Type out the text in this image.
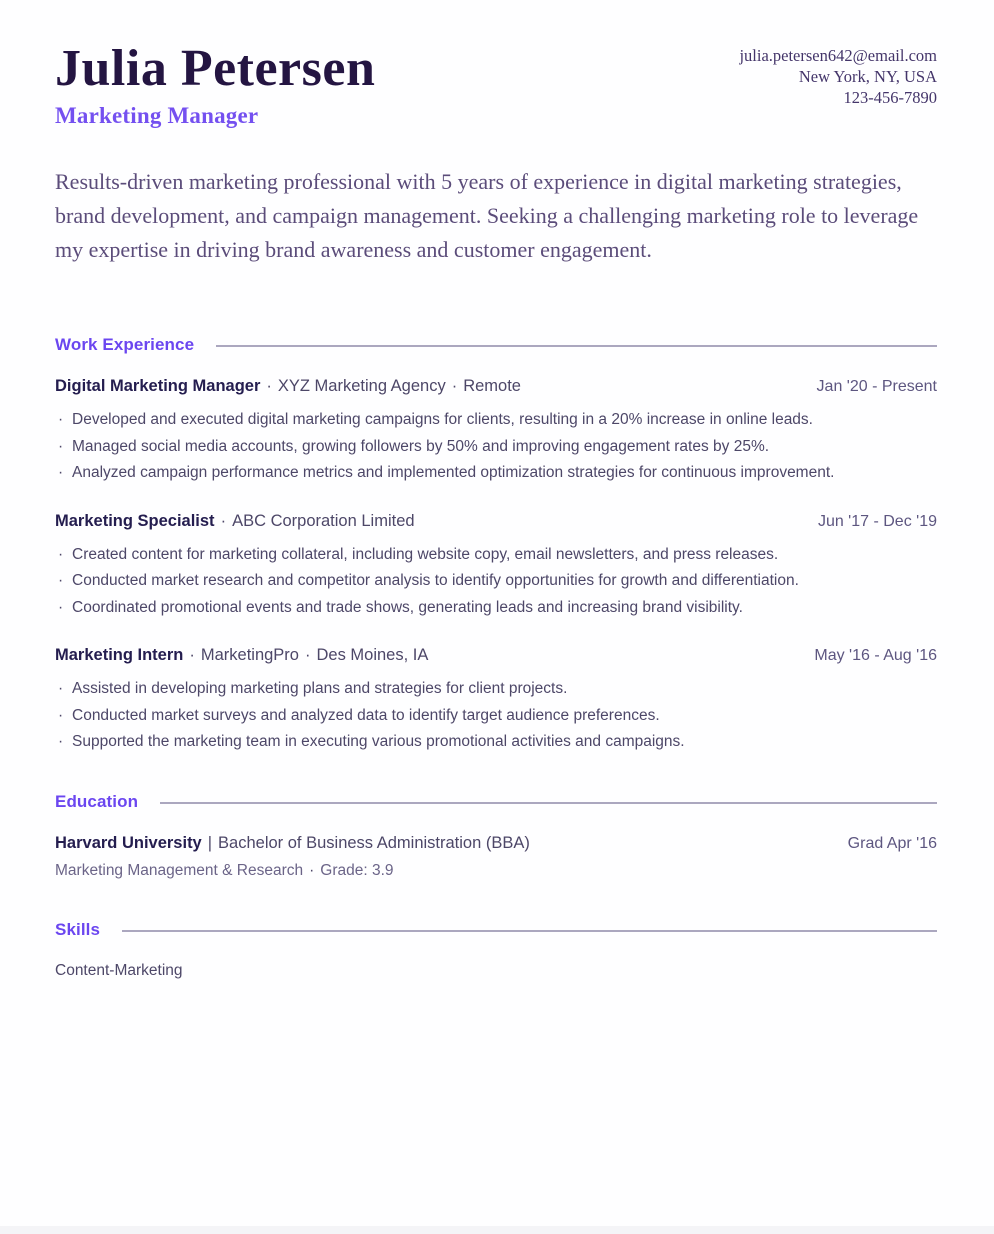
Julia Petersen
Marketing Manager
julia.petersen642@email.com
New York, NY, USA
123-456-7890

Results-driven marketing professional with 5 years of experience in digital marketing strategies, brand development, and campaign management. Seeking a challenging marketing role to leverage my expertise in driving brand awareness and customer engagement.

Work Experience
Digital Marketing Manager · XYZ Marketing Agency · Remote	Jan '20 - Present
· Developed and executed digital marketing campaigns for clients, resulting in a 20% increase in online leads.
· Managed social media accounts, growing followers by 50% and improving engagement rates by 25%.
· Analyzed campaign performance metrics and implemented optimization strategies for continuous improvement.
Marketing Specialist · ABC Corporation Limited	Jun '17 - Dec '19
· Created content for marketing collateral, including website copy, email newsletters, and press releases.
· Conducted market research and competitor analysis to identify opportunities for growth and differentiation.
· Coordinated promotional events and trade shows, generating leads and increasing brand visibility.
Marketing Intern · MarketingPro · Des Moines, IA	May '16 - Aug '16
· Assisted in developing marketing plans and strategies for client projects.
· Conducted market surveys and analyzed data to identify target audience preferences.
· Supported the marketing team in executing various promotional activities and campaigns.
Education
Harvard University | Bachelor of Business Administration (BBA)	Grad Apr '16
Marketing Management & Research · Grade: 3.9
Skills
Content-Marketing
